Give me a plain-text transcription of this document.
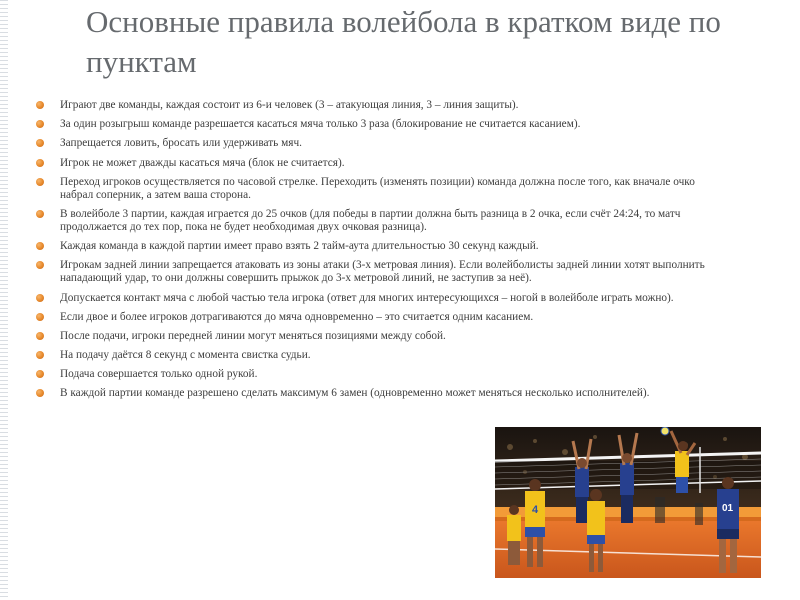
Основные правила волейбола в кратком виде по пунктам
Играют две команды, каждая состоит из 6-и человек (3 – атакующая линия, 3 – линия защиты).
За один розыгрыш команде разрешается касаться мяча только 3 раза (блокирование не считается касанием).
Запрещается ловить, бросать или удерживать мяч.
Игрок не может дважды касаться мяча (блок не считается).
Переход игроков осуществляется по часовой стрелке. Переходить (изменять позиции) команда должна после того, как вначале очко набрал соперник, а затем ваша сторона.
В волейболе 3 партии, каждая играется до 25 очков (для победы в партии должна быть разница в 2 очка, если счёт 24:24, то матч продолжается до тех пор, пока не будет необходимая двух очковая разница).
Каждая команда в каждой партии имеет право взять 2 тайм-аута длительностью 30 секунд каждый.
Игрокам задней линии запрещается атаковать из зоны атаки (3-х метровая линия). Если волейболисты задней линии хотят выполнить нападающий удар, то они должны совершить прыжок до 3-х метровой линий, не заступив за неё).
Допускается контакт мяча с любой частью тела игрока (ответ для многих интересующихся – ногой в волейболе играть можно).
Если двое и более игроков дотрагиваются до мяча одновременно – это считается одним касанием.
После подачи, игроки передней линии могут меняться позициями между собой.
На подачу даётся 8 секунд с момента свистка судьи.
Подача совершается только одной рукой.
В каждой партии команде разрешено сделать максимум 6 замен (одновременно может меняться несколько исполнителей).
4	01
